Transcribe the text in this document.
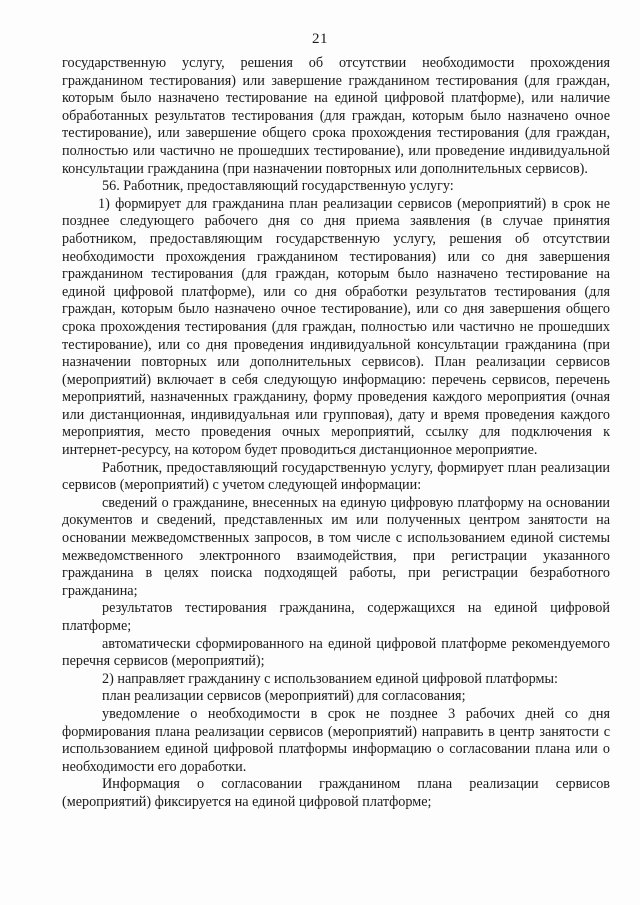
21

государственную услугу, решения об отсутствии необходимости прохождения гражданином тестирования) или завершение гражданином тестирования (для граждан, которым было назначено тестирование на единой цифровой платформе), или наличие обработанных результатов тестирования (для граждан, которым было назначено очное тестирование), или завершение общего срока прохождения тестирования (для граждан, полностью или частично не прошедших тестирование), или проведение индивидуальной консультации гражданина (при назначении повторных или дополнительных сервисов).

56. Работник, предоставляющий государственную услугу:

1) формирует для гражданина план реализации сервисов (мероприятий) в срок не позднее следующего рабочего дня со дня приема заявления (в случае принятия работником, предоставляющим государственную услугу, решения об отсутствии необходимости прохождения гражданином тестирования) или со дня завершения гражданином тестирования (для граждан, которым было назначено тестирование на единой цифровой платформе), или со дня обработки результатов тестирования (для граждан, которым было назначено очное тестирование), или со дня завершения общего срока прохождения тестирования (для граждан, полностью или частично не прошедших тестирование), или со дня проведения индивидуальной консультации гражданина (при назначении повторных или дополнительных сервисов). План реализации сервисов (мероприятий) включает в себя следующую информацию: перечень сервисов, перечень мероприятий, назначенных гражданину, форму проведения каждого мероприятия (очная или дистанционная, индивидуальная или групповая), дату и время проведения каждого мероприятия, место проведения очных мероприятий, ссылку для подключения к интернет-ресурсу, на котором будет проводиться дистанционное мероприятие.

Работник, предоставляющий государственную услугу, формирует план реализации сервисов (мероприятий) с учетом следующей информации:

сведений о гражданине, внесенных на единую цифровую платформу на основании документов и сведений, представленных им или полученных центром занятости на основании межведомственных запросов, в том числе с использованием единой системы межведомственного электронного взаимодействия, при регистрации указанного гражданина в целях поиска подходящей работы, при регистрации безработного гражданина;

результатов тестирования гражданина, содержащихся на единой цифровой платформе;

автоматически сформированного на единой цифровой платформе рекомендуемого перечня сервисов (мероприятий);

2) направляет гражданину с использованием единой цифровой платформы:

план реализации сервисов (мероприятий) для согласования;

уведомление о необходимости в срок не позднее 3 рабочих дней со дня формирования плана реализации сервисов (мероприятий) направить в центр занятости с использованием единой цифровой платформы информацию о согласовании плана или о необходимости его доработки.

Информация о согласовании гражданином плана реализации сервисов (мероприятий) фиксируется на единой цифровой платформе;
